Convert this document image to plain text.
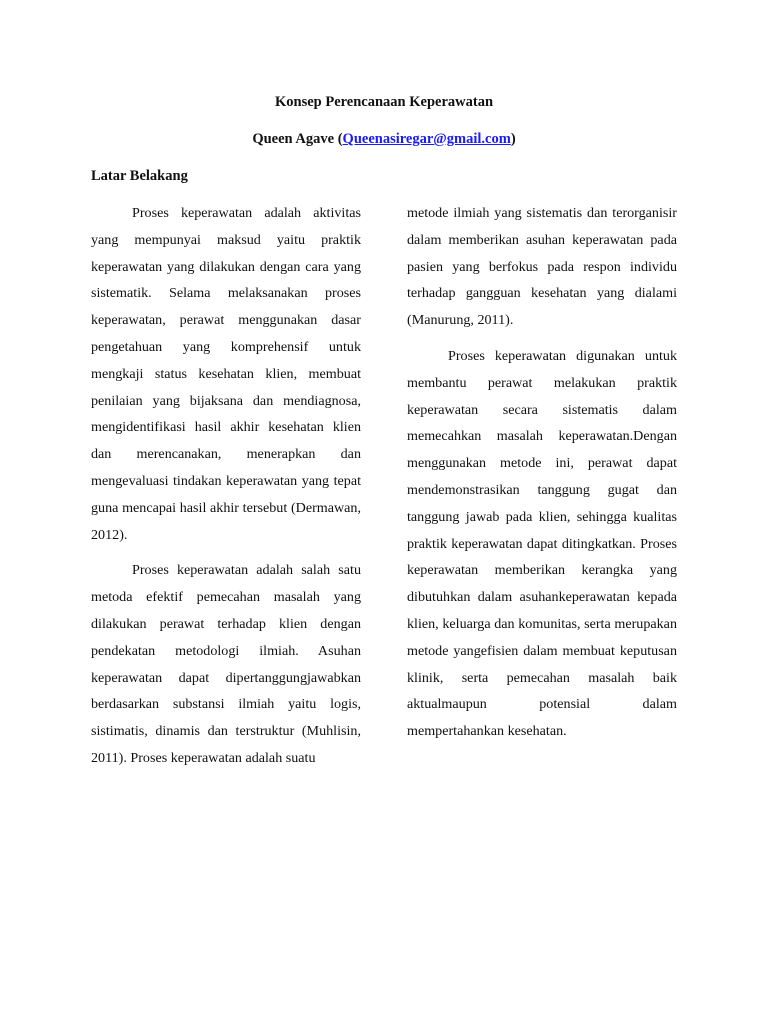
Konsep Perencanaan Keperawatan
Queen Agave (Queenasiregar@gmail.com)
Latar Belakang

Proses keperawatan adalah aktivitas yang mempunyai maksud yaitu praktik keperawatan yang dilakukan dengan cara yang sistematik. Selama melaksanakan proses keperawatan, perawat menggunakan dasar pengetahuan yang komprehensif untuk mengkaji status kesehatan klien, membuat penilaian yang bijaksana dan mendiagnosa, mengidentifikasi hasil akhir kesehatan klien dan merencanakan, menerapkan dan mengevaluasi tindakan keperawatan yang tepat guna mencapai hasil akhir tersebut (Dermawan, 2012).

Proses keperawatan adalah salah satu metoda efektif pemecahan masalah yang dilakukan perawat terhadap klien dengan pendekatan metodologi ilmiah. Asuhan keperawatan dapat dipertanggungjawabkan berdasarkan substansi ilmiah yaitu logis, sistimatis, dinamis dan terstruktur (Muhlisin, 2011). Proses keperawatan adalah suatu

metode ilmiah yang sistematis dan terorganisir dalam memberikan asuhan keperawatan pada pasien yang berfokus pada respon individu terhadap gangguan kesehatan yang dialami (Manurung, 2011).

Proses keperawatan digunakan untuk membantu perawat melakukan praktik keperawatan secara sistematis dalam memecahkan masalah keperawatan.Dengan menggunakan metode ini, perawat dapat mendemonstrasikan tanggung gugat dan tanggung jawab pada klien, sehingga kualitas praktik keperawatan dapat ditingkatkan. Proses keperawatan memberikan kerangka yang dibutuhkan dalam asuhankeperawatan kepada klien, keluarga dan komunitas, serta merupakan metode yangefisien dalam membuat keputusan klinik, serta pemecahan masalah baik aktualmaupun potensial dalam mempertahankan kesehatan.
